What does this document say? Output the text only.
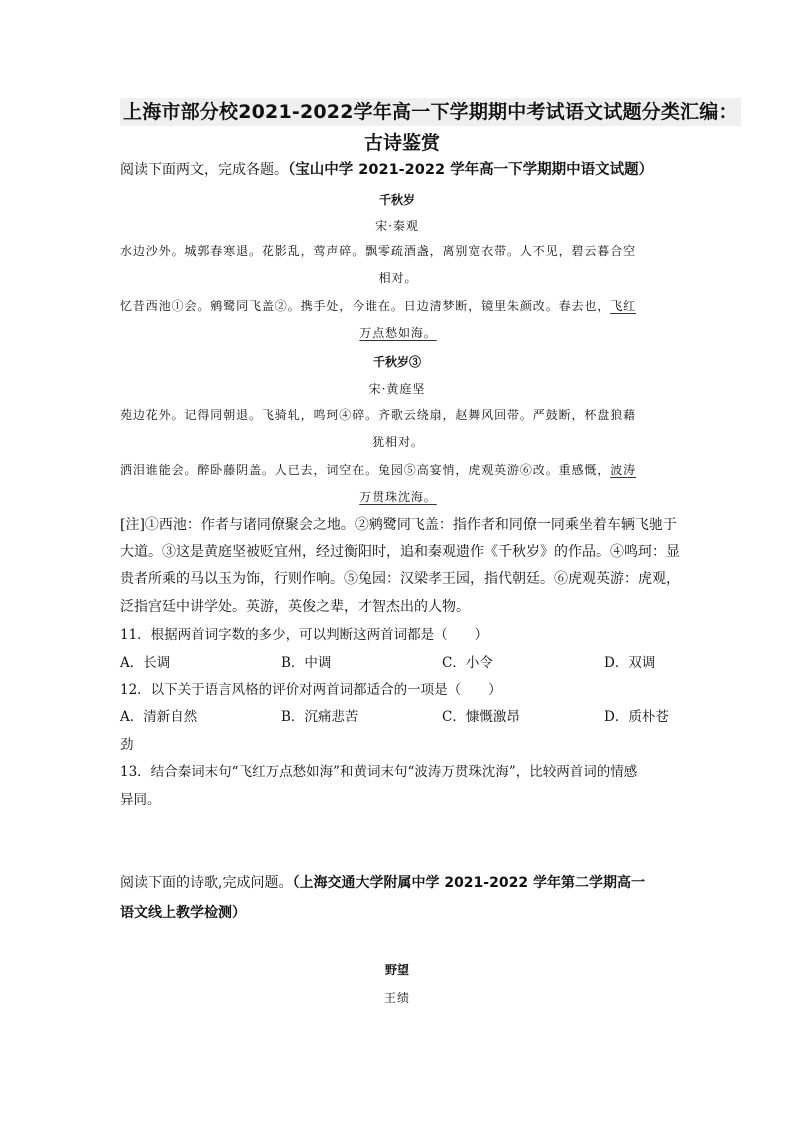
上海市部分校2021-2022学年高一下学期期中考试语文试题分类汇编：
古诗鉴赏
阅读下面两文，完成各题。（宝山中学 2021-2022 学年高一下学期期中语文试题）
千秋岁
宋·秦观
水边沙外。城郭春寒退。花影乱，莺声碎。飘零疏酒盏，离别宽衣带。人不见，碧云暮合空
相对。
忆昔西池①会。鹓鹭同飞盖②。携手处，今谁在。日边清梦断，镜里朱颜改。春去也，飞红
万点愁如海。
千秋岁③
宋·黄庭坚
苑边花外。记得同朝退。飞骑轧，鸣珂④碎。齐歌云绕扇，赵舞风回带。严鼓断，杯盘狼藉
犹相对。
洒泪谁能会。醉卧藤阴盖。人已去，词空在。兔园⑤高宴悄，虎观英游⑥改。重感慨，波涛
万贯珠沈海。
[注]①西池：作者与诸同僚聚会之地。②鹓鹭同飞盖：指作者和同僚一同乘坐着车辆飞驰于
大道。③这是黄庭坚被贬宜州，经过衡阳时，追和秦观遗作《千秋岁》的作品。④鸣珂：显
贵者所乘的马以玉为饰，行则作响。⑤兔园：汉梁孝王园，指代朝廷。⑥虎观英游：虎观，
泛指宫廷中讲学处。英游，英俊之辈，才智杰出的人物。
11．根据两首词字数的多少，可以判断这两首词都是（　　）
A．长调	B．中调	C．小令	D．双调
12．以下关于语言风格的评价对两首词都适合的一项是（　　）
A．清新自然	B．沉痛悲苦	C．慷慨激昂	D．质朴苍
劲
13．结合秦词末句“飞红万点愁如海”和黄词末句“波涛万贯珠沈海”，比较两首词的情感
异同。
阅读下面的诗歌,完成问题。（上海交通大学附属中学 2021-2022 学年第二学期高一
语文线上教学检测）
野望
王绩
